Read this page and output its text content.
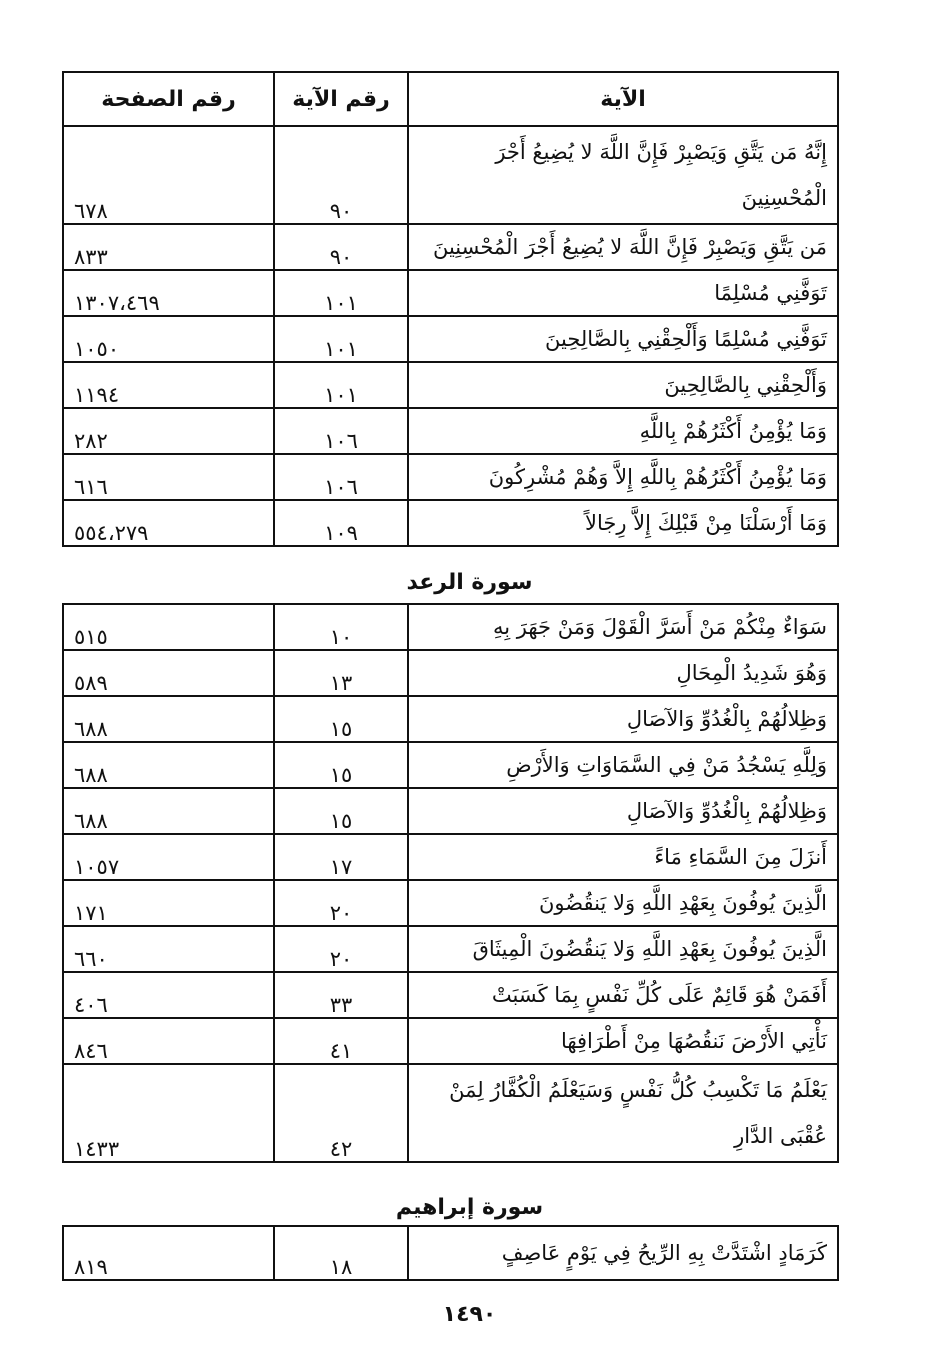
الآية	رقم الآية	رقم الصفحة

إِنَّهُ مَن يَتَّقِ وَيَصْبِرْ فَإِنَّ اللَّهَ لا يُضِيعُ أَجْرَ الْمُحْسِنِينَ	٩٠	٦٧٨
مَن يَتَّقِ وَيَصْبِرْ فَإِنَّ اللَّهَ لا يُضِيعُ أَجْرَ الْمُحْسِنِينَ	٩٠	٨٣٣
تَوَفَّنِي مُسْلِمًا	١٠١	١٣٠٧،٤٦٩
تَوَفَّنِي مُسْلِمًا وَأَلْحِقْنِي بِالصَّالِحِينَ	١٠١	١٠٥٠
وَأَلْحِقْنِي بِالصَّالِحِينَ	١٠١	١١٩٤
وَمَا يُؤْمِنُ أَكْثَرُهُمْ بِاللَّهِ	١٠٦	٢٨٢
وَمَا يُؤْمِنُ أَكْثَرُهُمْ بِاللَّهِ إِلاَّ وَهُمْ مُشْرِكُونَ	١٠٦	٦١٦
وَمَا أَرْسَلْنَا مِنْ قَبْلِكَ إِلاَّ رِجَالاً	١٠٩	٥٥٤،٢٧٩
سورة الرعد
سَوَاءٌ مِنْكُمْ مَنْ أَسَرَّ الْقَوْلَ وَمَنْ جَهَرَ بِهِ	١٠	٥١٥
وَهُوَ شَدِيدُ الْمِحَالِ	١٣	٥٨٩
وَظِلالُهُمْ بِالْغُدُوِّ وَالآصَالِ	١٥	٦٨٨
وَلِلَّهِ يَسْجُدُ مَنْ فِي السَّمَاوَاتِ وَالأَرْضِ	١٥	٦٨٨
وَظِلالُهُمْ بِالْغُدُوِّ وَالآصَالِ	١٥	٦٨٨
أَنزَلَ مِنَ السَّمَاءِ مَاءً	١٧	١٠٥٧
الَّذِينَ يُوفُونَ بِعَهْدِ اللَّهِ وَلا يَنقُضُونَ	٢٠	١٧١
الَّذِينَ يُوفُونَ بِعَهْدِ اللَّهِ وَلا يَنقُضُونَ الْمِيثَاقَ	٢٠	٦٦٠
أَفَمَنْ هُوَ قَائِمٌ عَلَى كُلِّ نَفْسٍ بِمَا كَسَبَتْ	٣٣	٤٠٦
نَأْتِي الأَرْضَ نَنقُصُهَا مِنْ أَطْرَافِهَا	٤١	٨٤٦

يَعْلَمُ مَا تَكْسِبُ كُلُّ نَفْسٍ وَسَيَعْلَمُ الْكُفَّارُ لِمَنْ عُقْبَى الدَّارِ	٤٢	١٤٣٣
سورة إبراهيم
كَرَمَادٍ اشْتَدَّتْ بِهِ الرِّيحُ فِي يَوْمٍ عَاصِفٍ	١٨	٨١٩
١٤٩٠
